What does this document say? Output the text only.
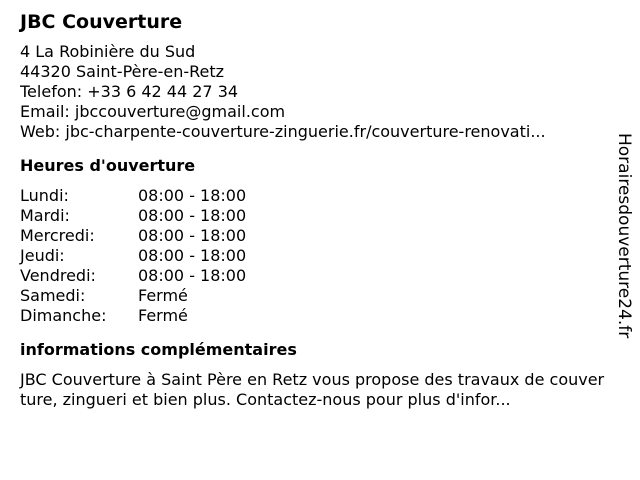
JBC Couverture
4 La Robinière du Sud
44320 Saint-Père-en-Retz
Telefon: +33 6 42 44 27 34
Email: jbccouverture@gmail.com
Web: jbc-charpente-couverture-zinguerie.fr/couverture-renovati...
Heures d'ouverture
Lundi:	08:00 - 18:00
Mardi:	08:00 - 18:00
Mercredi:	08:00 - 18:00
Jeudi:	08:00 - 18:00
Vendredi:	08:00 - 18:00
Samedi:	Fermé
Dimanche:	Fermé
informations complémentaires
JBC Couverture à Saint Père en Retz vous propose des travaux de couverture, zingueri et bien plus. Contactez-nous pour plus d'infor...
Horairesdouverture24.fr
